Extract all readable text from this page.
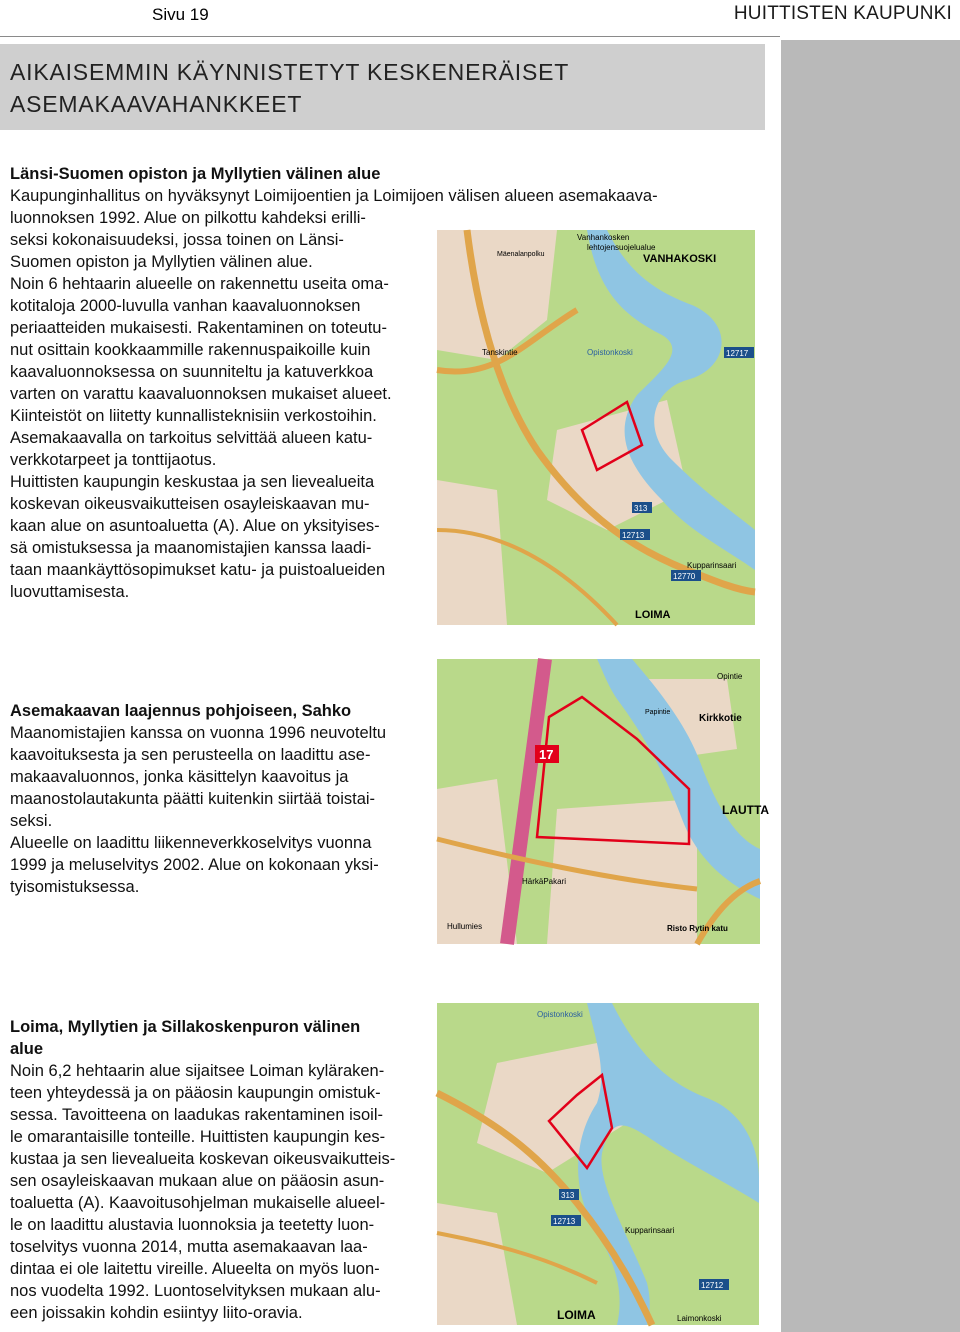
Sivu 19	HUITTISTEN KAUPUNKI
AIKAISEMMIN KÄYNNISTETYT KESKENERÄISET
ASEMAKAAVAHANKKEET
Länsi-Suomen opiston ja Myllytien välinen alue

Kaupunginhallitus on hyväksynyt Loimijoentien ja Loimijoen välisen alueen asemakaava-

luonnoksen 1992. Alue on pilkottu kahdeksi erilli-

seksi kokonaisuudeksi, jossa toinen on Länsi-

Suomen opiston ja Myllytien välinen alue.

Noin 6 hehtaarin alueelle on rakennettu useita oma-

kotitaloja 2000-luvulla vanhan kaavaluonnoksen

periaatteiden mukaisesti. Rakentaminen on toteutu-

nut osittain kookkaammille rakennuspaikoille kuin

kaavaluonnoksessa on suunniteltu ja katuverkkoa

varten on varattu kaavaluonnoksen mukaiset alueet.

Kiinteistöt on liitetty kunnallisteknisiin verkostoihin.

Asemakaavalla on tarkoitus selvittää alueen katu-

verkkotarpeet ja tonttijaotus.

Huittisten kaupungin keskustaa ja sen lievealueita

koskevan oikeusvaikutteisen osayleiskaavan mu-

kaan alue on asuntoaluetta (A). Alue on yksityises-

sä omistuksessa ja maanomistajien kanssa laadi-

taan maankäyttösopimukset katu- ja puistoalueiden

luovuttamisesta.

VANHAKOSKI
LOIMA
12717
12713
313
12770
Vanhankosken
lehtojensuojelualue
Tanskintie	Opistonkoski
Kupparinsaari
Mäenalanpolku
Asemakaavan laajennus pohjoiseen, Sahko

Maanomistajien kanssa on vuonna 1996 neuvoteltu

kaavoituksesta ja sen perusteella on laadittu ase-

makaavaluonnos, jonka käsittelyn kaavoitus ja

maanostolautakunta päätti kuitenkin siirtää toistai-

seksi.

Alueelle on laadittu liikenneverkkoselvitys vuonna

1999 ja meluselvitys 2002. Alue on kokonaan yksi-

tyisomistuksessa.

17
LAUTTA
Kirkkotie
HärkäPakari
Hullumies	Risto Rytin katu
Opintie
Papintie
Loima, Myllytien ja Sillakoskenpuron välinen
alue

Noin 6,2 hehtaarin alue sijaitsee Loiman kyläraken-

teen yhteydessä ja on pääosin kaupungin omistuk-

sessa. Tavoitteena on laadukas rakentaminen isoil-

le omarantaisille tonteille. Huittisten kaupungin kes-

kustaa ja sen lievealueita koskevan oikeusvaikutteis-

sen osayleiskaavan mukaan alue on pääosin asun-

toaluetta (A). Kaavoitusohjelman mukaiselle alueel-

le on laadittu alustavia luonnoksia ja teetetty luon-

toselvitys vuonna 2014, mutta asemakaavan laa-

dintaa ei ole laitettu vireille. Alueelta on myös luon-

nos vuodelta 1992. Luontoselvityksen mukaan alu-

een joissakin kohdin esiintyy liito-oravia.

Opistonkoski
LOIMA
12713
12712
313
Kupparinsaari
Laimonkoski
